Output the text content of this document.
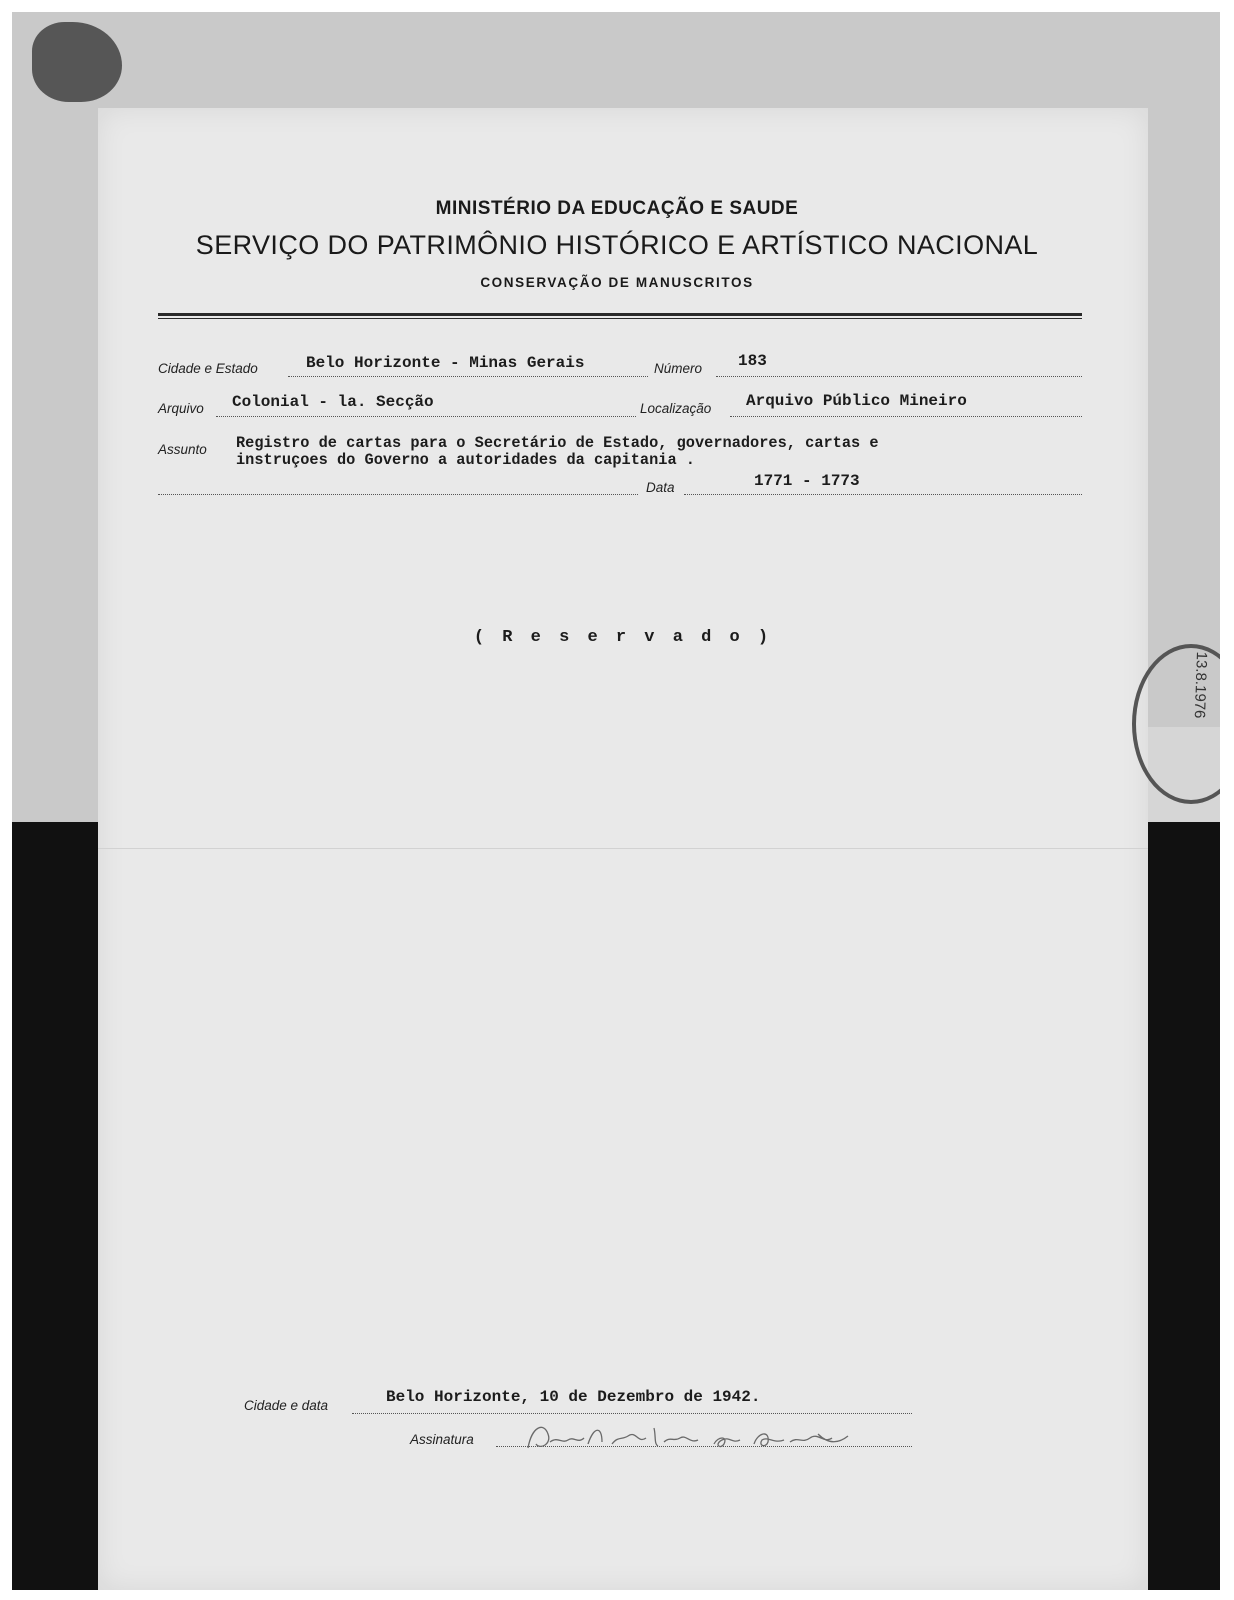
MINISTÉRIO DA EDUCAÇÃO E SAUDE
SERVIÇO DO PATRIMÔNIO HISTÓRICO E ARTÍSTICO NACIONAL
CONSERVAÇÃO DE MANUSCRITOS
Cidade e Estado	Belo Horizonte - Minas Gerais	Número 183
Arquivo Colonial - la. Secção	Localização Arquivo Público Mineiro
Assunto Registro de cartas para o Secretário de Estado, governadores, cartas e
instruçoes do Governo a autoridades da capitania .
Data	1771 - 1773
( R e s e r v a d o )
Cidade e data	Belo Horizonte, 10 de Dezembro de 1942.
Assinatura
13.8.1976
